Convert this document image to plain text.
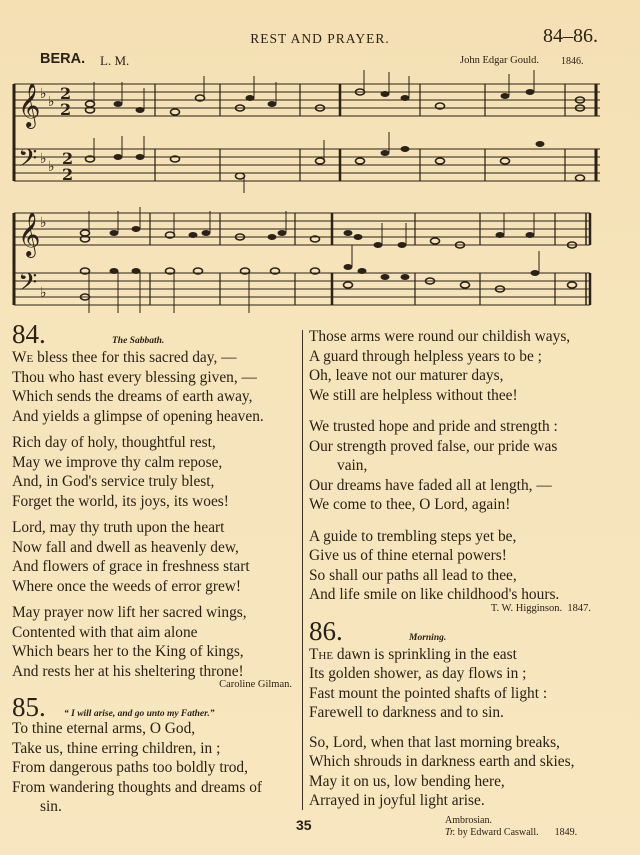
REST AND PRAYER.	84–86.
BERA. L. M.	John Edgar Gould. 1846.
𝄞
𝄢
♭ ♭
♭ ♭
2
2
2
2
𝄞
𝄢
♭
♭
84.	The Sabbath.
We bless thee for this sacred day, —
Thou who hast every blessing given, —
Which sends the dreams of earth away,
And yields a glimpse of opening heaven.
Rich day of holy, thoughtful rest,
May we improve thy calm repose,
And, in God's service truly blest,
Forget the world, its joys, its woes!
Lord, may thy truth upon the heart
Now fall and dwell as heavenly dew,
And flowers of grace in freshness start
Where once the weeds of error grew!
May prayer now lift her sacred wings,
Contented with that aim alone
Which bears her to the King of kings,
And rests her at his sheltering throne!
Caroline Gilman.
85.	“ I will arise, and go unto my Father.”
To thine eternal arms, O God,
Take us, thine erring children, in ;
From dangerous paths too boldly trod,
From wandering thoughts and dreams of
sin.
Those arms were round our childish ways,
A guard through helpless years to be ;
Oh, leave not our maturer days,
We still are helpless without thee!
We trusted hope and pride and strength :
Our strength proved false, our pride was
vain,
Our dreams have faded all at length, —
We come to thee, O Lord, again!
A guide to trembling steps yet be,
Give us of thine eternal powers!
So shall our paths all lead to thee,
And life smile on like childhood's hours.
T. W. Higginson. 1847.
86.	Morning.
The dawn is sprinkling in the east
Its golden shower, as day flows in ;
Fast mount the pointed shafts of light :
Farewell to darkness and to sin.
So, Lord, when that last morning breaks,
Which shrouds in darkness earth and skies,
May it on us, low bending here,
Arrayed in joyful light arise.
35	Ambrosian.
Tr. by Edward Caswall. 1849.
